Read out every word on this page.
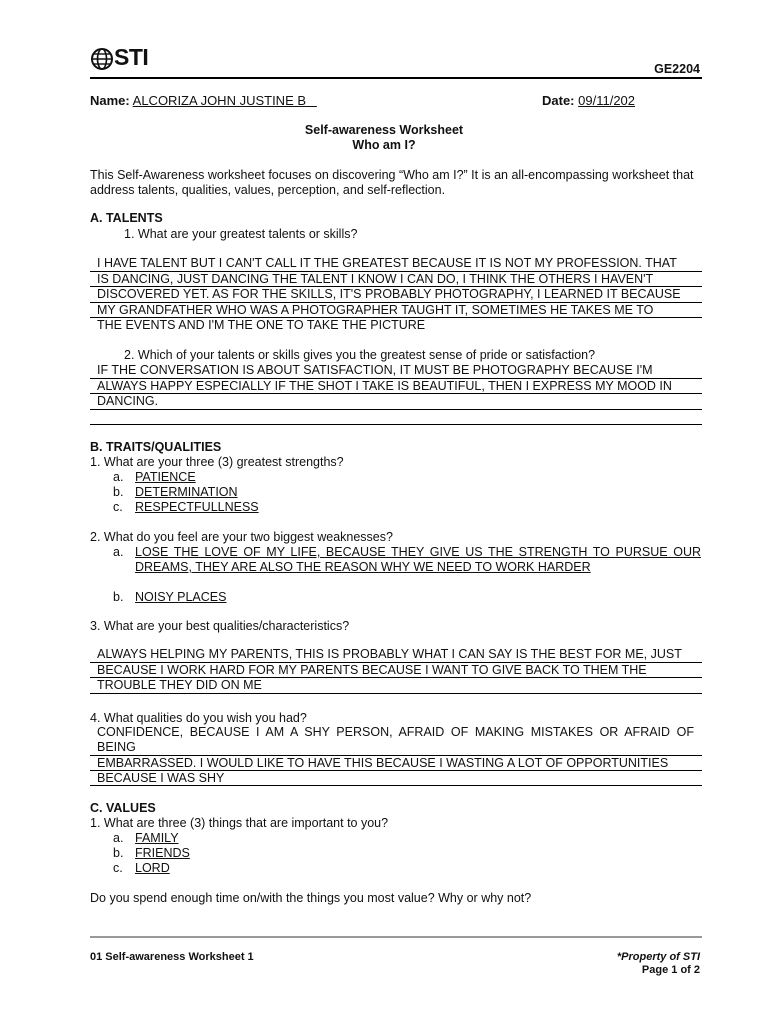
STI	GE2204
Name: ALCORIZA JOHN JUSTINE B	Date: 09/11/202
Self-awareness Worksheet
Who am I?
This Self-Awareness worksheet focuses on discovering “Who am I?” It is an all-encompassing worksheet that
address talents, qualities, values, perception, and self-reflection.
A. TALENTS
1. What are your greatest talents or skills?
I HAVE TALENT BUT I CAN'T CALL IT THE GREATEST BECAUSE IT IS NOT MY PROFESSION. THAT
IS DANCING, JUST DANCING THE TALENT I KNOW I CAN DO, I THINK THE OTHERS I HAVEN'T
DISCOVERED YET. AS FOR THE SKILLS, IT'S PROBABLY PHOTOGRAPHY, I LEARNED IT BECAUSE
MY GRANDFATHER WHO WAS A PHOTOGRAPHER TAUGHT IT, SOMETIMES HE TAKES ME TO
THE EVENTS AND I'M THE ONE TO TAKE THE PICTURE
2. Which of your talents or skills gives you the greatest sense of pride or satisfaction?
IF THE CONVERSATION IS ABOUT SATISFACTION, IT MUST BE PHOTOGRAPHY BECAUSE I'M
ALWAYS HAPPY ESPECIALLY IF THE SHOT I TAKE IS BEAUTIFUL, THEN I EXPRESS MY MOOD IN
DANCING.
B. TRAITS/QUALITIES
1. What are your three (3) greatest strengths?
a. PATIENCE
b. DETERMINATION
c. RESPECTFULLNESS
2. What do you feel are your two biggest weaknesses?
a. LOSE THE LOVE OF MY LIFE, BECAUSE THEY GIVE US THE STRENGTH TO PURSUE OUR
DREAMS, THEY ARE ALSO THE REASON WHY WE NEED TO WORK HARDER
b. NOISY PLACES
3. What are your best qualities/characteristics?
ALWAYS HELPING MY PARENTS, THIS IS PROBABLY WHAT I CAN SAY IS THE BEST FOR ME, JUST
BECAUSE I WORK HARD FOR MY PARENTS BECAUSE I WANT TO GIVE BACK TO THEM THE
TROUBLE THEY DID ON ME
4. What qualities do you wish you had?
CONFIDENCE, BECAUSE I AM A SHY PERSON, AFRAID OF MAKING MISTAKES OR AFRAID OF
BEING
EMBARRASSED. I WOULD LIKE TO HAVE THIS BECAUSE I WASTING A LOT OF OPPORTUNITIES
BECAUSE I WAS SHY
C. VALUES
1. What are three (3) things that are important to you?
a. FAMILY
b. FRIENDS
c. LORD
Do you spend enough time on/with the things you most value? Why or why not?
01 Self-awareness Worksheet 1	*Property of STI
Page 1 of 2
